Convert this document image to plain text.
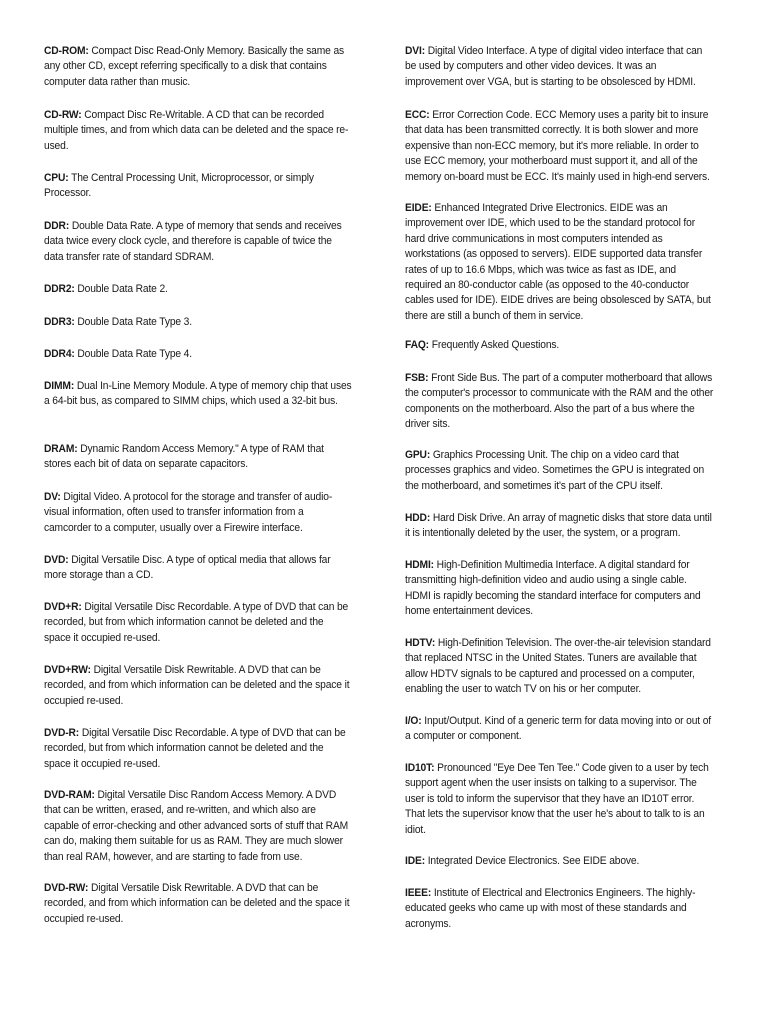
CD-ROM: Compact Disc Read-Only Memory. Basically the same as any other CD, except referring specifically to a disk that contains computer data rather than music.

CD-RW: Compact Disc Re-Writable. A CD that can be recorded multiple times, and from which data can be deleted and the space re-used.

CPU: The Central Processing Unit, Microprocessor, or simply Processor.

DDR: Double Data Rate. A type of memory that sends and receives data twice every clock cycle, and therefore is capable of twice the data transfer rate of standard SDRAM.

DDR2: Double Data Rate 2.

DDR3: Double Data Rate Type 3.

DDR4: Double Data Rate Type 4.

DIMM: Dual In-Line Memory Module. A type of memory chip that uses a 64-bit bus, as compared to SIMM chips, which used a 32-bit bus.

DRAM: Dynamic Random Access Memory." A type of RAM that stores each bit of data on separate capacitors.

DV: Digital Video. A protocol for the storage and transfer of audio-visual information, often used to transfer information from a camcorder to a computer, usually over a Firewire interface.

DVD: Digital Versatile Disc. A type of optical media that allows far more storage than a CD.

DVD+R: Digital Versatile Disc Recordable. A type of DVD that can be recorded, but from which information cannot be deleted and the space it occupied re-used.

DVD+RW: Digital Versatile Disk Rewritable. A DVD that can be recorded, and from which information can be deleted and the space it occupied re-used.

DVD-R: Digital Versatile Disc Recordable. A type of DVD that can be recorded, but from which information cannot be deleted and the space it occupied re-used.

DVD-RAM: Digital Versatile Disc Random Access Memory. A DVD that can be written, erased, and re-written, and which also are capable of error-checking and other advanced sorts of stuff that RAM can do, making them suitable for us as RAM. They are much slower than real RAM, however, and are starting to fade from use.

DVD-RW: Digital Versatile Disk Rewritable. A DVD that can be recorded, and from which information can be deleted and the space it occupied re-used.

DVI: Digital Video Interface. A type of digital video interface that can be used by computers and other video devices. It was an improvement over VGA, but is starting to be obsolesced by HDMI.

ECC: Error Correction Code. ECC Memory uses a parity bit to insure that data has been transmitted correctly. It is both slower and more expensive than non-ECC memory, but it's more reliable. In order to use ECC memory, your motherboard must support it, and all of the memory on-board must be ECC. It's mainly used in high-end servers.

EIDE: Enhanced Integrated Drive Electronics. EIDE was an improvement over IDE, which used to be the standard protocol for hard drive communications in most computers intended as workstations (as opposed to servers). EIDE supported data transfer rates of up to 16.6 Mbps, which was twice as fast as IDE, and required an 80-conductor cable (as opposed to the 40-conductor cables used for IDE). EIDE drives are being obsolesced by SATA, but there are still a bunch of them in service.

FAQ: Frequently Asked Questions.

FSB: Front Side Bus. The part of a computer motherboard that allows the computer's processor to communicate with the RAM and the other components on the motherboard. Also the part of a bus where the driver sits.

GPU: Graphics Processing Unit. The chip on a video card that processes graphics and video. Sometimes the GPU is integrated on the motherboard, and sometimes it's part of the CPU itself.

HDD: Hard Disk Drive. An array of magnetic disks that store data until it is intentionally deleted by the user, the system, or a program.

HDMI: High-Definition Multimedia Interface. A digital standard for transmitting high-definition video and audio using a single cable. HDMI is rapidly becoming the standard interface for computers and home entertainment devices.

HDTV: High-Definition Television. The over-the-air television standard that replaced NTSC in the United States. Tuners are available that allow HDTV signals to be captured and processed on a computer, enabling the user to watch TV on his or her computer.

I/O: Input/Output. Kind of a generic term for data moving into or out of a computer or component.

ID10T: Pronounced "Eye Dee Ten Tee." Code given to a user by tech support agent when the user insists on talking to a supervisor. The user is told to inform the supervisor that they have an ID10T error. That lets the supervisor know that the user he's about to talk to is an idiot.

IDE: Integrated Device Electronics. See EIDE above.

IEEE: Institute of Electrical and Electronics Engineers. The highly-educated geeks who came up with most of these standards and acronyms.
